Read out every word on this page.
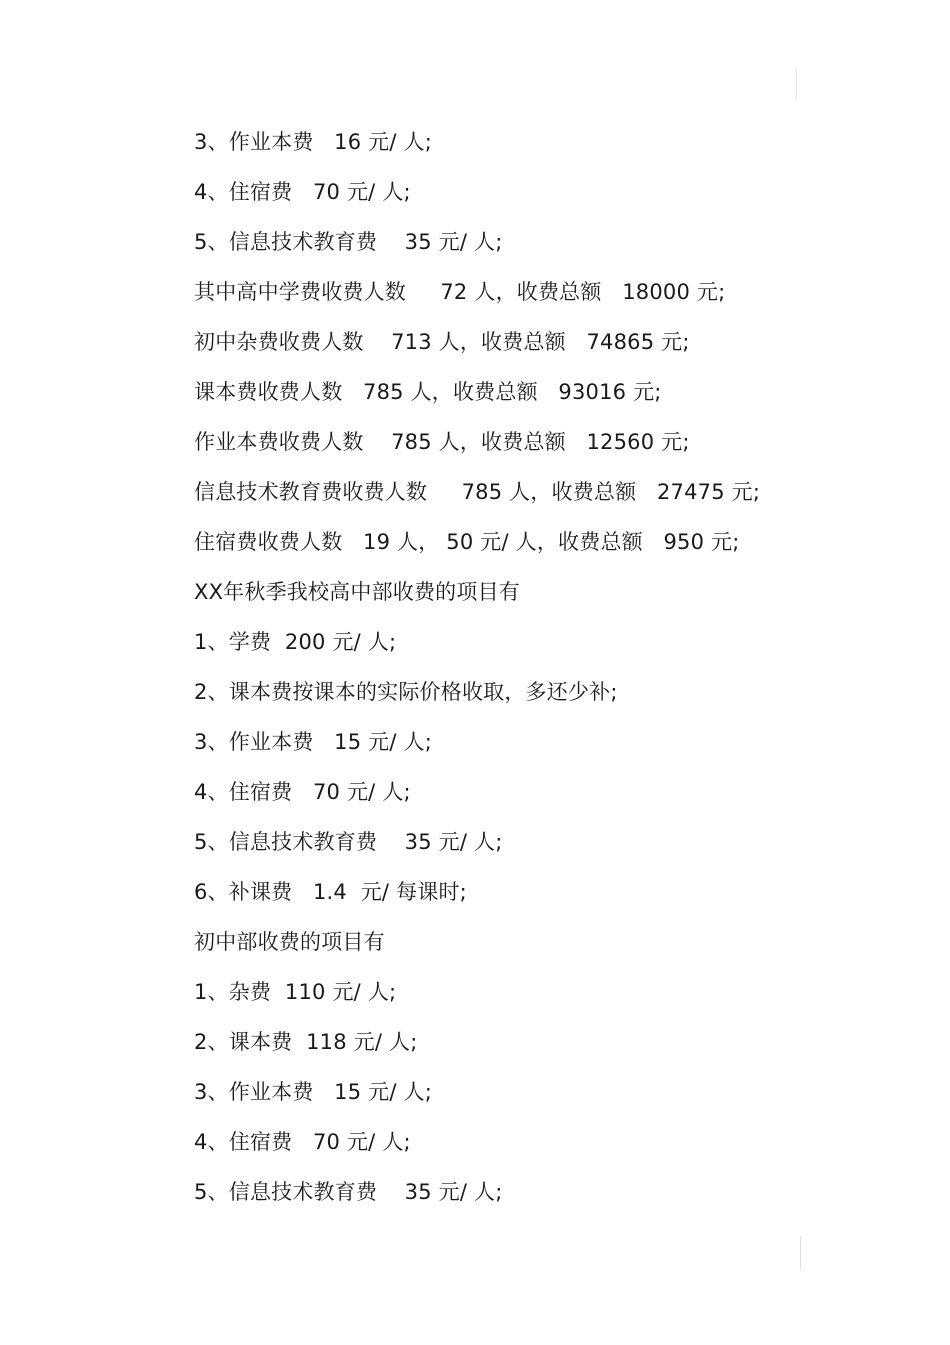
3、作业本费   16 元/ 人;
4、住宿费   70 元/ 人;
5、信息技术教育费    35 元/ 人;
其中高中学费收费人数     72 人，收费总额   18000 元;
初中杂费收费人数    713 人，收费总额   74865 元;
课本费收费人数   785 人，收费总额   93016 元;
作业本费收费人数    785 人，收费总额   12560 元;
信息技术教育费收费人数     785 人，收费总额   27475 元;
住宿费收费人数   19 人， 50 元/ 人，收费总额   950 元;
XX年秋季我校高中部收费的项目有
1、学费  200 元/ 人;
2、课本费按课本的实际价格收取，多还少补;
3、作业本费   15 元/ 人;
4、住宿费   70 元/ 人;
5、信息技术教育费    35 元/ 人;
6、补课费   1.4  元/ 每课时;
初中部收费的项目有
1、杂费  110 元/ 人;
2、课本费  118 元/ 人;
3、作业本费   15 元/ 人;
4、住宿费   70 元/ 人;
5、信息技术教育费    35 元/ 人;
